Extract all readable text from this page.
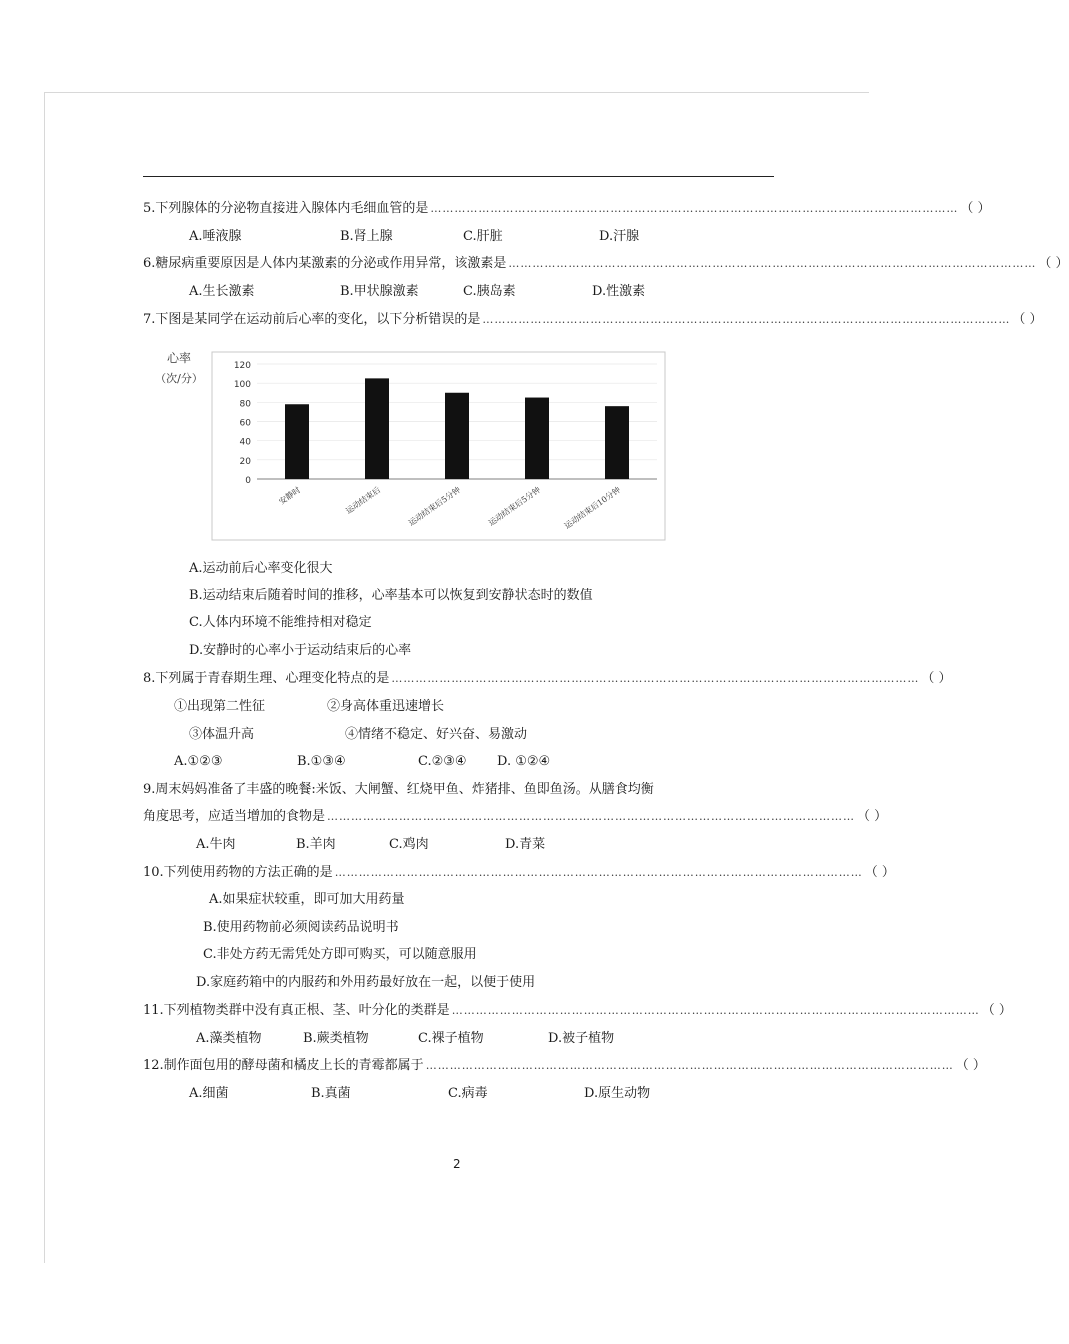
5.下列腺体的分泌物直接进入腺体内毛细血管的是 …………………………………………………………………………………………………………………… （ ）
A.唾液腺	B.肾上腺	C.肝脏	D.汗腺
6.糖尿病重要原因是人体内某激素的分泌或作用异常，该激素是 …………………………………………………………………………………………………………………… （ ）
A.生长激素	B.甲状腺激素	C.胰岛素	D.性激素
7.下图是某同学在运动前后心率的变化，以下分析错误的是 …………………………………………………………………………………………………………………… （ ）
心率
（次/分）
0
20
40
60
80
100
120
安静时	运动结束后	运动结束后5分钟	运动结束后5分钟	运动结束后10分钟
A.运动前后心率变化很大
B.运动结束后随着时间的推移，心率基本可以恢复到安静状态时的数值
C.人体内环境不能维持相对稳定
D.安静时的心率小于运动结束后的心率
8.下列属于青春期生理、心理变化特点的是 …………………………………………………………………………………………………………………… （ ）
①出现第二性征	②身高体重迅速增长
③体温升高	④情绪不稳定、好兴奋、易激动
A.①②③	B.①③④	C.②③④ D. ①②④
9.周末妈妈准备了丰盛的晚餐:米饭、大闸蟹、红烧甲鱼、炸猪排、鱼即鱼汤。从膳食均衡
角度思考，应适当增加的食物是 …………………………………………………………………………………………………………………… （ ）
A.牛肉	B.羊肉	C.鸡肉	D.青菜
10.下列使用药物的方法正确的是 …………………………………………………………………………………………………………………… （ ）
A.如果症状较重，即可加大用药量
B.使用药物前必须阅读药品说明书
C.非处方药无需凭处方即可购买，可以随意服用
D.家庭药箱中的内服药和外用药最好放在一起，以便于使用
11.下列植物类群中没有真正根、茎、叶分化的类群是 …………………………………………………………………………………………………………………… （ ）
A.藻类植物	B.蕨类植物	C.裸子植物	D.被子植物
12.制作面包用的酵母菌和橘皮上长的青霉都属于 …………………………………………………………………………………………………………………… （ ）
A.细菌	B.真菌	C.病毒	D.原生动物
2
